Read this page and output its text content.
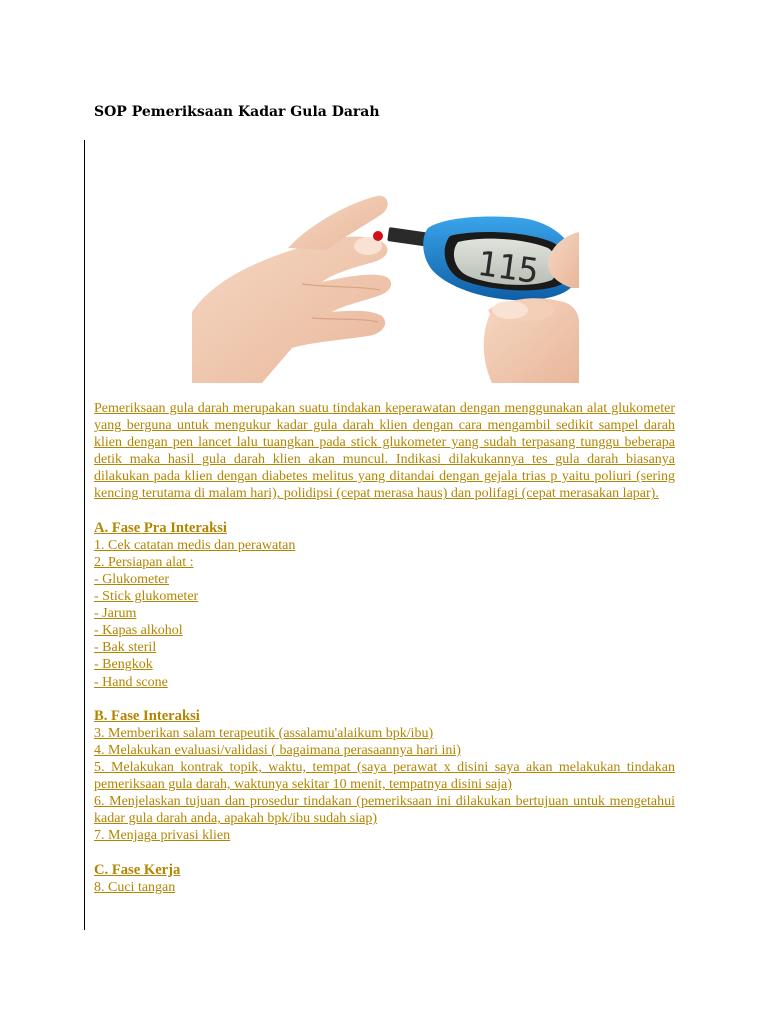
SOP Pemeriksaan Kadar Gula Darah
115

Pemeriksaan gula darah merupakan suatu tindakan keperawatan dengan menggunakan alat glukometer yang berguna untuk mengukur kadar gula darah klien dengan cara mengambil sedikit sampel darah klien dengan pen lancet lalu tuangkan pada stick glukometer yang sudah terpasang tunggu beberapa detik maka hasil gula darah klien akan muncul. Indikasi dilakukannya tes gula darah biasanya dilakukan pada klien dengan diabetes melitus yang ditandai dengan gejala trias p yaitu poliuri (sering kencing terutama di malam hari), polidipsi (cepat merasa haus) dan polifagi (cepat merasakan lapar).

A. Fase Pra Interaksi
1. Cek catatan medis dan perawatan
2. Persiapan alat :
- Glukometer
- Stick glukometer
- Jarum
- Kapas alkohol
- Bak steril
- Bengkok
- Hand scone
B. Fase Interaksi
3. Memberikan salam terapeutik (assalamu'alaikum bpk/ibu)
4. Melakukan evaluasi/validasi ( bagaimana perasaannya hari ini)

5. Melakukan kontrak topik, waktu, tempat (saya perawat x disini saya akan melakukan tindakan pemeriksaan gula darah, waktunya sekitar 10 menit, tempatnya disini saja)

6. Menjelaskan tujuan dan prosedur tindakan (pemeriksaan ini dilakukan bertujuan untuk mengetahui kadar gula darah anda, apakah bpk/ibu sudah siap)

7. Menjaga privasi klien
C. Fase Kerja
8. Cuci tangan
